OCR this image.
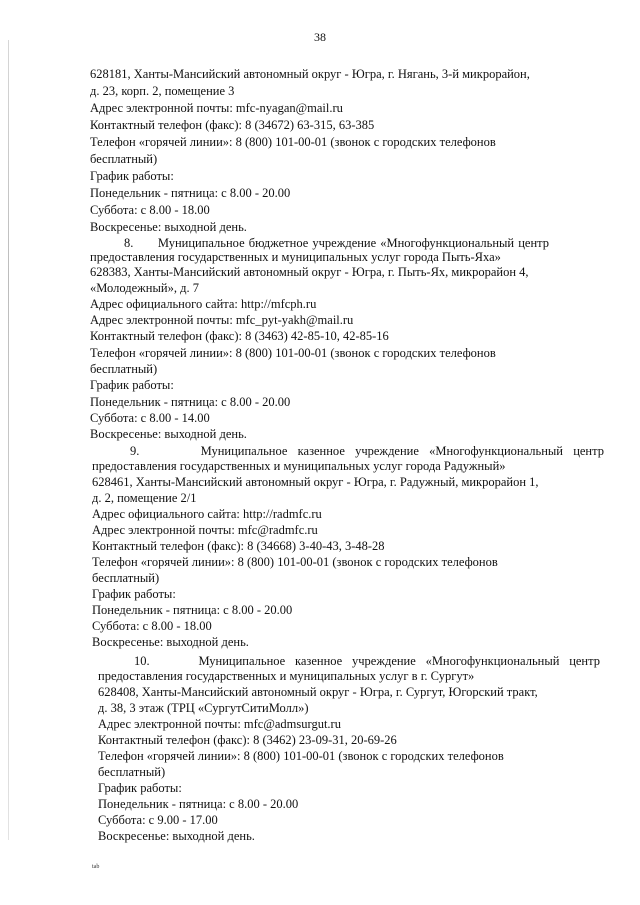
38
628181, Ханты-Мансийский автономный округ - Югра, г. Нягань, 3-й микрорайон,
д. 23, корп. 2, помещение 3
Адрес электронной почты: mfc-nyagan@mail.ru
Контактный телефон (факс): 8 (34672) 63-315, 63-385
Телефон «горячей линии»: 8 (800) 101-00-01 (звонок с городских телефонов
бесплатный)
График работы:
Понедельник - пятница: с 8.00 - 20.00
Суббота: с 8.00 - 18.00
Воскресенье: выходной день.
8.      Муниципальное бюджетное учреждение «Многофункциональный центр
предоставления государственных и муниципальных услуг города Пыть-Яха»
628383, Ханты-Мансийский автономный округ - Югра, г. Пыть-Ях, микрорайон 4,
«Молодежный», д. 7
Адрес официального сайта: http://mfcph.ru
Адрес электронной почты: mfc_pyt-yakh@mail.ru
Контактный телефон (факс): 8 (3463) 42-85-10, 42-85-16
Телефон «горячей линии»: 8 (800) 101-00-01 (звонок с городских телефонов
бесплатный)
График работы:
Понедельник - пятница: с 8.00 - 20.00
Суббота: с 8.00 - 14.00
Воскресенье: выходной день.
9.      Муниципальное казенное учреждение «Многофункциональный центр
предоставления государственных и муниципальных услуг города Радужный»
628461, Ханты-Мансийский автономный округ - Югра, г. Радужный, микрорайон 1,
д. 2, помещение 2/1
Адрес официального сайта: http://radmfc.ru
Адрес электронной почты: mfc@radmfc.ru
Контактный телефон (факс): 8 (34668) 3-40-43, 3-48-28
Телефон «горячей линии»: 8 (800) 101-00-01 (звонок с городских телефонов
бесплатный)
График работы:
Понедельник - пятница: с 8.00 - 20.00
Суббота: с 8.00 - 18.00
Воскресенье: выходной день.
10.     Муниципальное казенное учреждение «Многофункциональный центр
предоставления государственных и муниципальных услуг в г. Сургут»
628408, Ханты-Мансийский автономный округ - Югра, г. Сургут, Югорский тракт,
д. 38, 3 этаж (ТРЦ «СургутСитиМолл»)
Адрес электронной почты: mfc@admsurgut.ru
Контактный телефон (факс): 8 (3462) 23-09-31, 20-69-26
Телефон «горячей линии»: 8 (800) 101-00-01 (звонок с городских телефонов
бесплатный)
График работы:
Понедельник - пятница: с 8.00 - 20.00
Суббота: с 9.00 - 17.00
Воскресенье: выходной день.
tab
